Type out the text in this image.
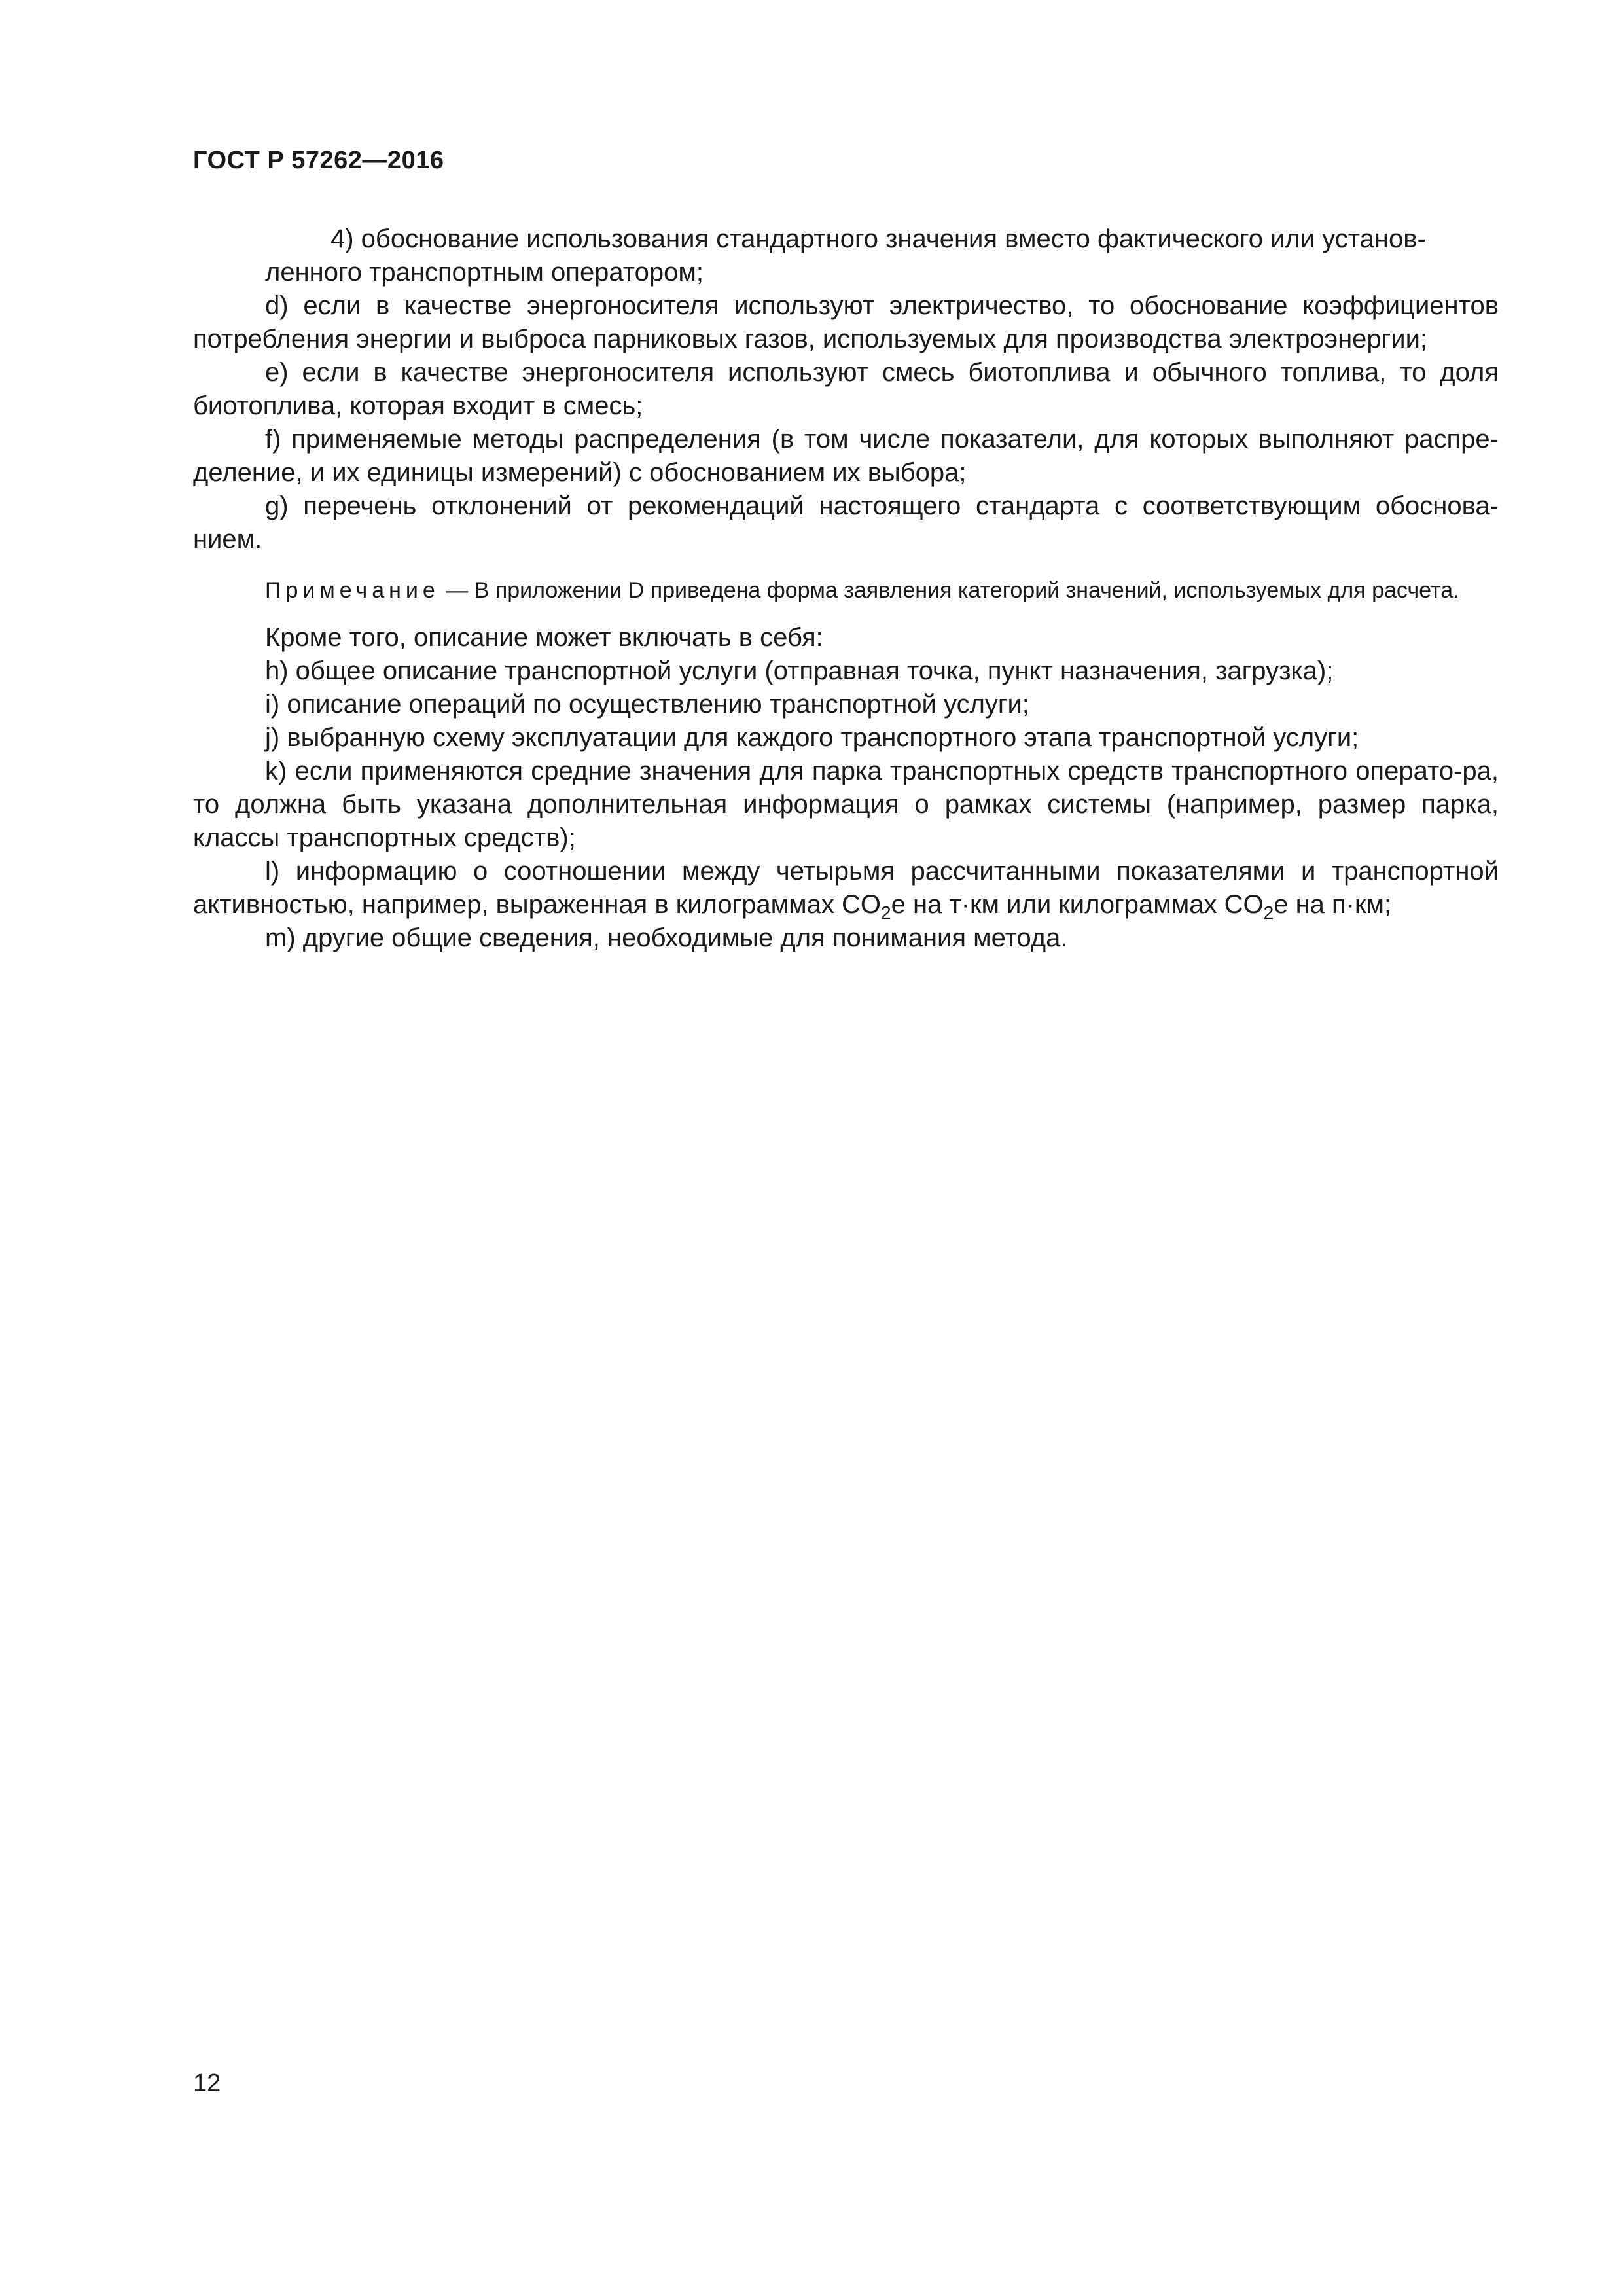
ГОСТ Р 57262—2016

4) обоснование использования стандартного значения вместо фактического или установ-
ленного транспортным оператором;

d) если в качестве энергоносителя используют электричество, то обоснование коэффициентов потребления энергии и выброса парниковых газов, используемых для производства электроэнергии;

е) если в качестве энергоносителя используют смесь биотоплива и обычного топлива, то доля биотоплива, которая входит в смесь;

f) применяемые методы распределения (в том числе показатели, для которых выполняют распре-деление, и их единицы измерений) с обоснованием их выбора;

g) перечень отклонений от рекомендаций настоящего стандарта с соответствующим обоснова-нием.

Примечание — В приложении D приведена форма заявления категорий значений, используемых для расчета.

Кроме того, описание может включать в себя:

h) общее описание транспортной услуги (отправная точка, пункт назначения, загрузка);

i) описание операций по осуществлению транспортной услуги;

j) выбранную схему эксплуатации для каждого транспортного этапа транспортной услуги;

k) если применяются средние значения для парка транспортных средств транспортного операто-ра, то должна быть указана дополнительная информация о рамках системы (например, размер парка, классы транспортных средств);

l) информацию о соотношении между четырьмя рассчитанными показателями и транспортной активностью, например, выраженная в килограммах $CO_2е$ на т·км или килограммах $CO_2е$ на п·км;

m) другие общие сведения, необходимые для понимания метода.

12
